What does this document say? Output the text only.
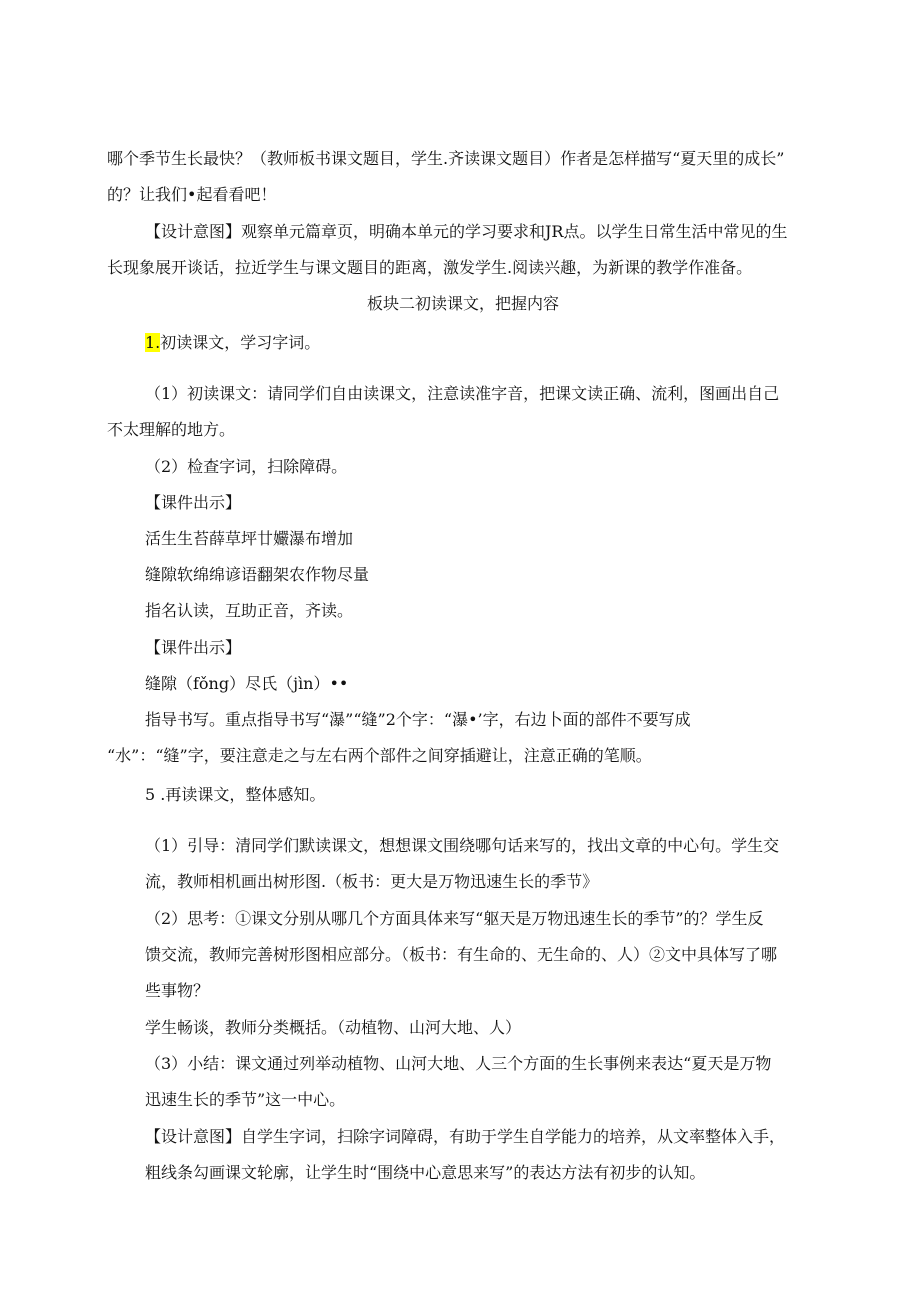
哪个季节生长最快？（教师板书课文题目，学生.齐读课文题目）作者是怎样描写“夏天里的成长”
的？让我们•起看看吧！
【设计意图】观察单元篇章页，明确本单元的学习要求和JR点。以学生日常生活中常见的生
长现象展开谈话，拉近学生与课文题目的距离，激发学生.阅读兴趣，为新课的教学作准备。
板块二初读课文，把握内容
1.初读课文，学习字词。
（1）初读课文：请同学们自由读课文，注意读准字音，把课文读正确、流利，图画出自己
不太理解的地方。
（2）检查字词，扫除障碍。
【课件出示】
活生生苔薛草坪廿孍瀑布增加
缝隙软绵绵谚语翻架农作物尽量
指名认读，互助正音，齐读。
【课件出示】
缝隙（fǒng）尽氏（jìn）••
指导书写。重点指导书写“瀑”“缝”2个字：“瀑•’字，右边卜面的部件不要写成
“水”：“缝”字，要注意走之与左右两个部件之间穿插避让，注意正确的笔顺。
5 .再读课文，整体感知。
（1）引导：清同学们默读课文，想想课文围绕哪句话来写的，找出文章的中心句。学生交
流，教师相机画出树形图.（板书：更大是万物迅速生长的季节》
（2）思考：①课文分别从哪几个方面具体来写“躯天是万物迅速生长的季节”的？学生反
馈交流，教师完善树形图相应部分。（板书：有生命的、无生命的、人）②文中具体写了哪
些事物？
学生畅谈，教师分类概括。（动植物、山河大地、人）
（3）小结：课文通过列举动植物、山河大地、人三个方面的生长事例来表达“夏天是万物
迅速生长的季节”这一中心。
【设计意图】自学生字词，扫除字词障碍，有助于学生自学能力的培养，从文率整体入手，
粗线条勾画课文轮廓，让学生时“围绕中心意思来写”的表达方法有初步的认知。
